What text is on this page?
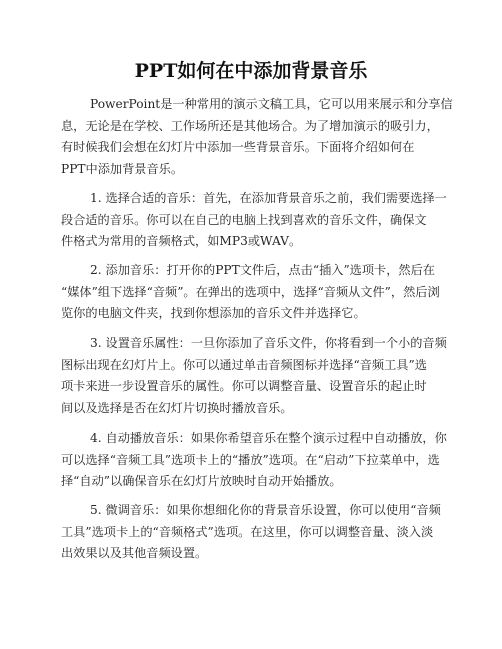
PPT如何在中添加背景音乐

PowerPoint是一种常用的演示文稿工具，它可以用来展示和分享信
息，无论是在学校、工作场所还是其他场合。为了增加演示的吸引力，
有时候我们会想在幻灯片中添加一些背景音乐。下面将介绍如何在
PPT中添加背景音乐。

1. 选择合适的音乐：首先，在添加背景音乐之前，我们需要选择一
段合适的音乐。你可以在自己的电脑上找到喜欢的音乐文件，确保文
件格式为常用的音频格式，如MP3或WAV。

2. 添加音乐：打开你的PPT文件后，点击“插入”选项卡，然后在
“媒体”组下选择“音频”。在弹出的选项中，选择“音频从文件”，然后浏
览你的电脑文件夹，找到你想添加的音乐文件并选择它。

3. 设置音乐属性：一旦你添加了音乐文件，你将看到一个小的音频
图标出现在幻灯片上。你可以通过单击音频图标并选择“音频工具”选
项卡来进一步设置音乐的属性。你可以调整音量、设置音乐的起止时
间以及选择是否在幻灯片切换时播放音乐。

4. 自动播放音乐：如果你希望音乐在整个演示过程中自动播放，你
可以选择“音频工具”选项卡上的“播放”选项。在“启动”下拉菜单中，选
择“自动”以确保音乐在幻灯片放映时自动开始播放。

5. 微调音乐：如果你想细化你的背景音乐设置，你可以使用“音频
工具”选项卡上的“音频格式”选项。在这里，你可以调整音量、淡入淡
出效果以及其他音频设置。
